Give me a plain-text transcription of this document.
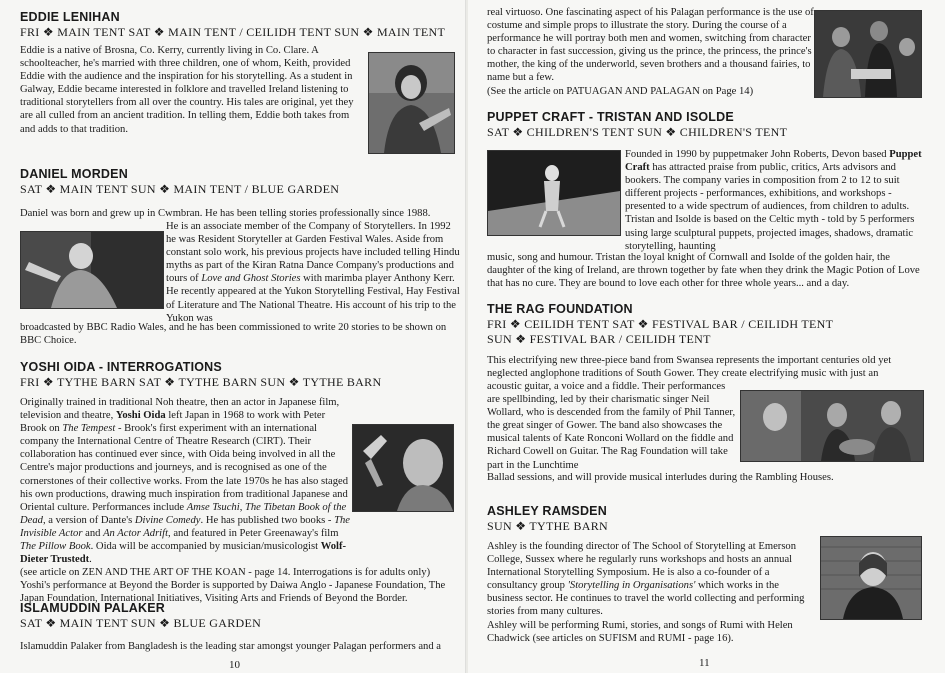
EDDIE LENIHAN
FRI ❖ MAIN TENT SAT ❖ MAIN TENT / CEILIDH TENT SUN ❖ MAIN TENT

Eddie is a native of Brosna, Co. Kerry, currently living in Co. Clare. A schoolteacher, he's married with three children, one of whom, Keith, provided Eddie with the audience and the inspiration for his storytelling. As a student in Galway, Eddie became interested in folklore and travelled Ireland listening to traditional storytellers from all over the country. His tales are original, yet they are all culled from an ancient tradition. In telling them, Eddie both takes from and adds to that tradition.

DANIEL MORDEN
SAT ❖ MAIN TENT SUN ❖ MAIN TENT / BLUE GARDEN

Daniel was born and grew up in Cwmbran. He has been telling stories professionally since 1988.

He is an associate member of the Company of Storytellers. In 1992 he was Resident Storyteller at Garden Festival Wales. Aside from constant solo work, his previous projects have included telling Hindu myths as part of the Kiran Ratna Dance Company's productions and tours of Love and Ghost Stories with marimba player Anthony Kerr. He recently appeared at the Yukon Storytelling Festival, Hay Festival of Literature and The National Theatre. His account of his trip to the Yukon was

broadcasted by BBC Radio Wales, and he has been commissioned to write 20 stories to be shown on BBC Choice.

YOSHI OIDA - INTERROGATIONS
FRI ❖ TYTHE BARN SAT ❖ TYTHE BARN SUN ❖ TYTHE BARN

Originally trained in traditional Noh theatre, then an actor in Japanese film, television and theatre, Yoshi Oida left Japan in 1968 to work with Peter Brook on The Tempest - Brook's first experiment with an international company the International Centre of Theatre Research (CIRT). Their collaboration has continued ever since, with Oida being involved in all the Centre's major productions and journeys, and is recognised as one of the cornerstones of their collective works. From the late 1970s he has also staged his own productions, drawing much inspiration from traditional Japanese and Oriental culture. Performances include Amse Tsuchi, The Tibetan Book of the Dead, a version of Dante's Divine Comedy. He has published two books - The Invisible Actor and An Actor Adrift, and featured in Peter Greenaway's film The Pillow Book. Oida will be accompanied by musician/musicologist Wolf-Dieter Trustedt.

(see article on ZEN AND THE ART OF THE KOAN - page 14. Interrogations is for adults only) Yoshi's performance at Beyond the Border is supported by Daiwa Anglo - Japanese Foundation, The Japan Foundation, International Initiatives, Visiting Arts and Friends of Beyond the Border.

ISLAMUDDIN PALAKER
SAT ❖ MAIN TENT SUN ❖ BLUE GARDEN

Islamuddin Palaker from Bangladesh is the leading star amongst younger Palagan performers and a

10

real virtuoso. One fascinating aspect of his Palagan performance is the use of costume and simple props to illustrate the story. During the course of a performance he will portray both men and women, switching from character to character in fast succession, giving us the prince, the princess, the prince's mother, the king of the underworld, seven brothers and a thousand fairies, to name but a few.

(See the article on PATUAGAN AND PALAGAN on Page 14)

PUPPET CRAFT - TRISTAN AND ISOLDE
SAT ❖ CHILDREN'S TENT SUN ❖ CHILDREN'S TENT

Founded in 1990 by puppetmaker John Roberts, Devon based Puppet Craft has attracted praise from public, critics, Arts advisors and bookers. The company varies in composition from 2 to 12 to suit different projects - performances, exhibitions, and workshops - presented to a wide spectrum of audiences, from children to adults. Tristan and Isolde is based on the Celtic myth - told by 5 performers using large sculptural puppets, projected images, shadows, dramatic storytelling, haunting

music, song and humour. Tristan the loyal knight of Cornwall and Isolde of the golden hair, the daughter of the king of Ireland, are thrown together by fate when they drink the Magic Potion of Love that has no cure. They are bound to love each other for three whole years... and a day.

THE RAG FOUNDATION
FRI ❖ CEILIDH TENT SAT ❖ FESTIVAL BAR / CEILIDH TENT
SUN ❖ FESTIVAL BAR / CEILIDH TENT

This electrifying new three-piece band from Swansea represents the important centuries old yet neglected anglophone traditions of South Gower. They create electrifying music with just an

acoustic guitar, a voice and a fiddle. Their performances are spellbinding, led by their charismatic singer Neil Wollard, who is descended from the family of Phil Tanner, the great singer of Gower. The band also showcases the musical talents of Kate Ronconi Wollard on the fiddle and Richard Cowell on Guitar. The Rag Foundation will take part in the Lunchtime

Ballad sessions, and will provide musical interludes during the Rambling Houses.

ASHLEY RAMSDEN
SUN ❖ TYTHE BARN

Ashley is the founding director of The School of Storytelling at Emerson College, Sussex where he regularly runs workshops and hosts an annual International Storytelling Symposium. He is also a co-founder of a consultancy group 'Storytelling in Organisations' which works in the business sector. He continues to travel the world collecting and performing stories from many cultures.

Ashley will be performing Rumi, stories, and songs of Rumi with Helen Chadwick (see articles on SUFISM and RUMI - page 16).

11
